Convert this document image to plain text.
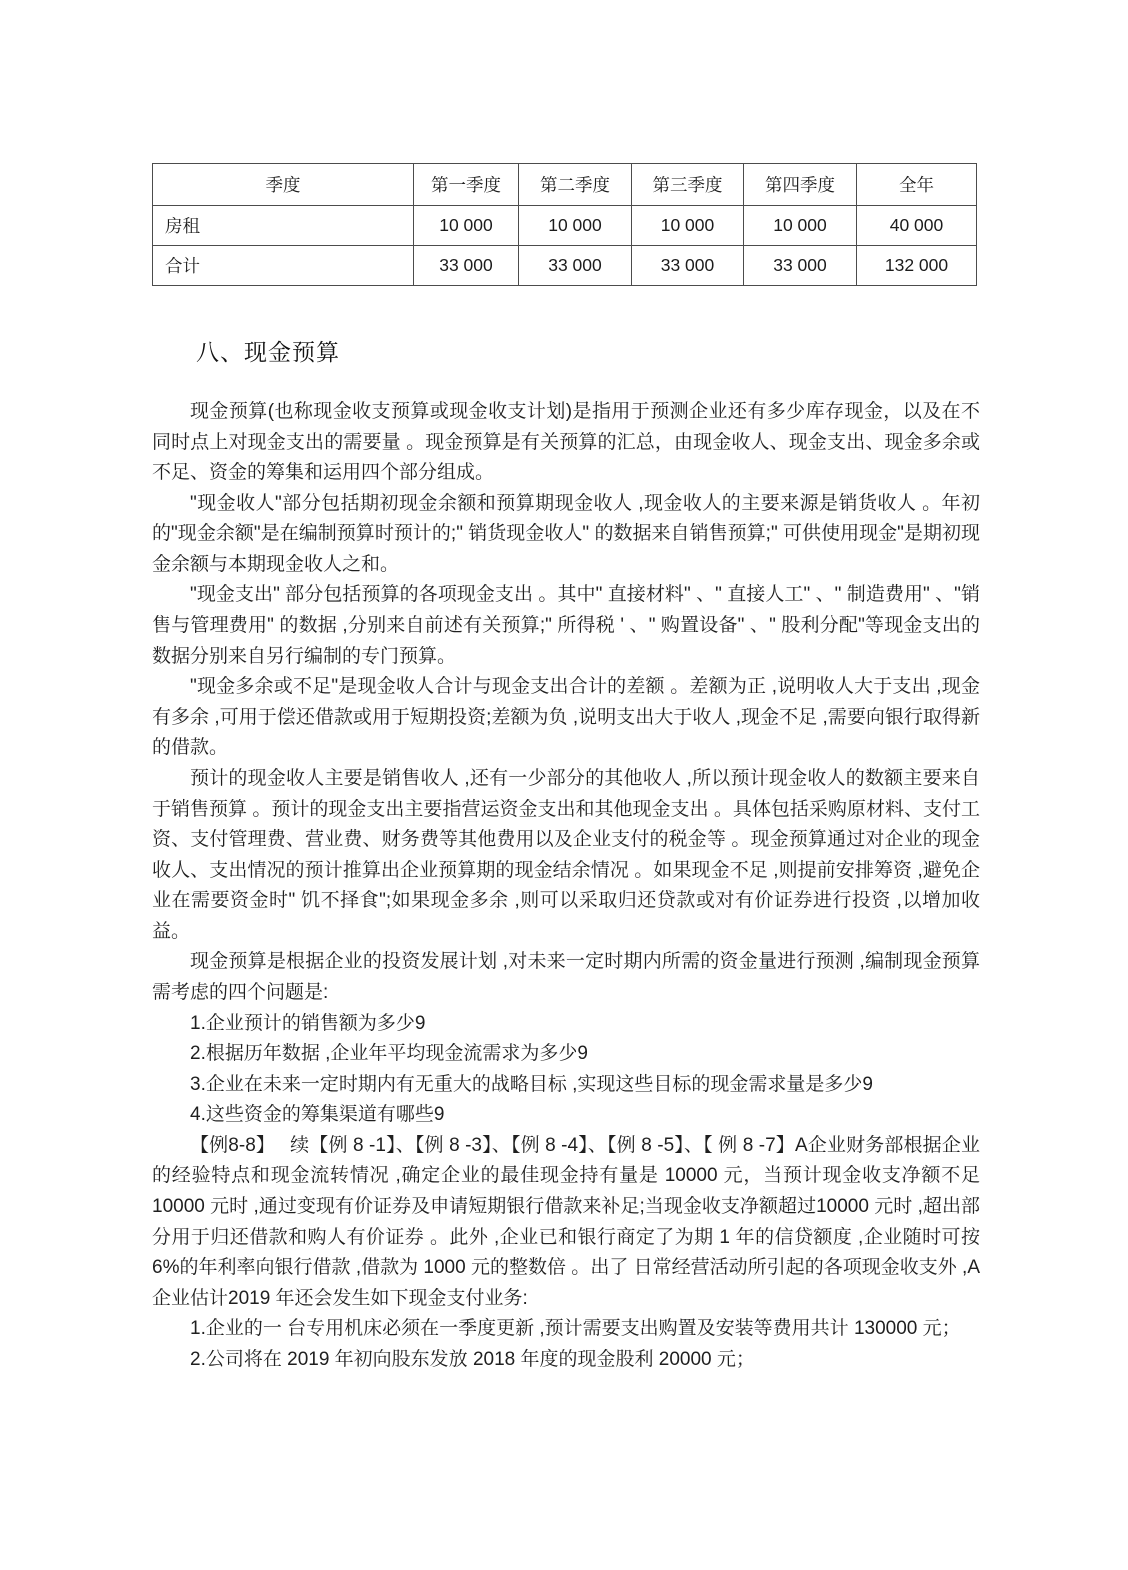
季度	第一季度	第二季度	第三季度	第四季度	全年
房租	10 000	10 000	10 000	10 000	40 000
合计	33 000	33 000	33 000	33 000	132 000
八、现金预算

现金预算(也称现金收支预算或现金收支计划)是指用于预测企业还有多少库存现金，以及在不同时点上对现金支出的需要量 。现金预算是有关预算的汇总，由现金收人、现金支出、现金多余或不足、资金的筹集和运用四个部分组成。

"现金收人"部分包括期初现金余额和预算期现金收人 ,现金收人的主要来源是销货收人 。年初的"现金余额"是在编制预算时预计的;" 销货现金收人" 的数据来自销售预算;" 可供使用现金"是期初现金余额与本期现金收人之和。

"现金支出" 部分包括预算的各项现金支出 。其中" 直接材料" 、" 直接人工" 、" 制造费用" 、"销售与管理费用" 的数据 ,分别来自前述有关预算;" 所得税 ' 、" 购置设备" 、" 股利分配"等现金支出的数据分别来自另行编制的专门预算。

"现金多余或不足"是现金收人合计与现金支出合计的差额 。差额为正 ,说明收人大于支出 ,现金有多余 ,可用于偿还借款或用于短期投资;差额为负 ,说明支出大于收人 ,现金不足 ,需要向银行取得新的借款。

预计的现金收人主要是销售收人 ,还有一少部分的其他收人 ,所以预计现金收人的数额主要来自于销售预算 。预计的现金支出主要指营运资金支出和其他现金支出 。具体包括采购原材料、支付工资、支付管理费、营业费、财务费等其他费用以及企业支付的税金等 。现金预算通过对企业的现金收人、支出情况的预计推算出企业预算期的现金结余情况 。如果现金不足 ,则提前安排筹资 ,避免企业在需要资金时" 饥不择食";如果现金多余 ,则可以采取归还贷款或对有价证券进行投资 ,以增加收益。

现金预算是根据企业的投资发展计划 ,对未来一定时期内所需的资金量进行预测 ,编制现金预算需考虑的四个问题是:

1.企业预计的销售额为多少9

2.根据历年数据 ,企业年平均现金流需求为多少9

3.企业在未来一定时期内有无重大的战略目标 ,实现这些目标的现金需求量是多少9

4.这些资金的筹集渠道有哪些9

【例8-8】　 续【例 8 -1】、【例 8 -3】、【例 8 -4】、【例 8 -5】、【 例 8 -7】A企业财务部根据企业的经验特点和现金流转情况 ,确定企业的最佳现金持有量是 10000 元，当预计现金收支净额不足10000 元时 ,通过变现有价证券及申请短期银行借款来补足;当现金收支净额超过10000 元时 ,超出部分用于归还借款和购人有价证券 。此外 ,企业已和银行商定了为期 1 年的信贷额度 ,企业随时可按6%的年利率向银行借款 ,借款为 1000 元的整数倍 。出了 日常经营活动所引起的各项现金收支外 ,A企业估计2019 年还会发生如下现金支付业务:

1.企业的一 台专用机床必须在一季度更新 ,预计需要支出购置及安装等费用共计 130000 元；

2.公司将在 2019 年初向股东发放 2018 年度的现金股利 20000 元；
